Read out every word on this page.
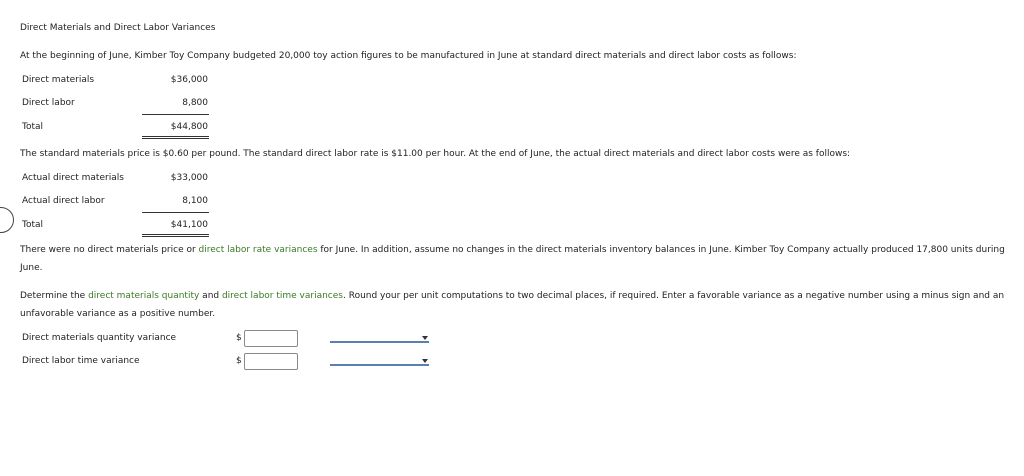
Direct Materials and Direct Labor Variances
At the beginning of June, Kimber Toy Company budgeted 20,000 toy action figures to be manufactured in June at standard direct materials and direct labor costs as follows:
Direct materials	$36,000
Direct labor	8,800
Total	$44,800
The standard materials price is $0.60 per pound. The standard direct labor rate is $11.00 per hour. At the end of June, the actual direct materials and direct labor costs were as follows:
Actual direct materials	$33,000
Actual direct labor	8,100
Total	$41,100
There were no direct materials price or direct labor rate variances for June. In addition, assume no changes in the direct materials inventory balances in June. Kimber Toy Company actually produced 17,800 units during June.
Determine the direct materials quantity and direct labor time variances. Round your per unit computations to two decimal places, if required. Enter a favorable variance as a negative number using a minus sign and an unfavorable variance as a positive number.
Direct materials quantity variance	$
Direct labor time variance	$
